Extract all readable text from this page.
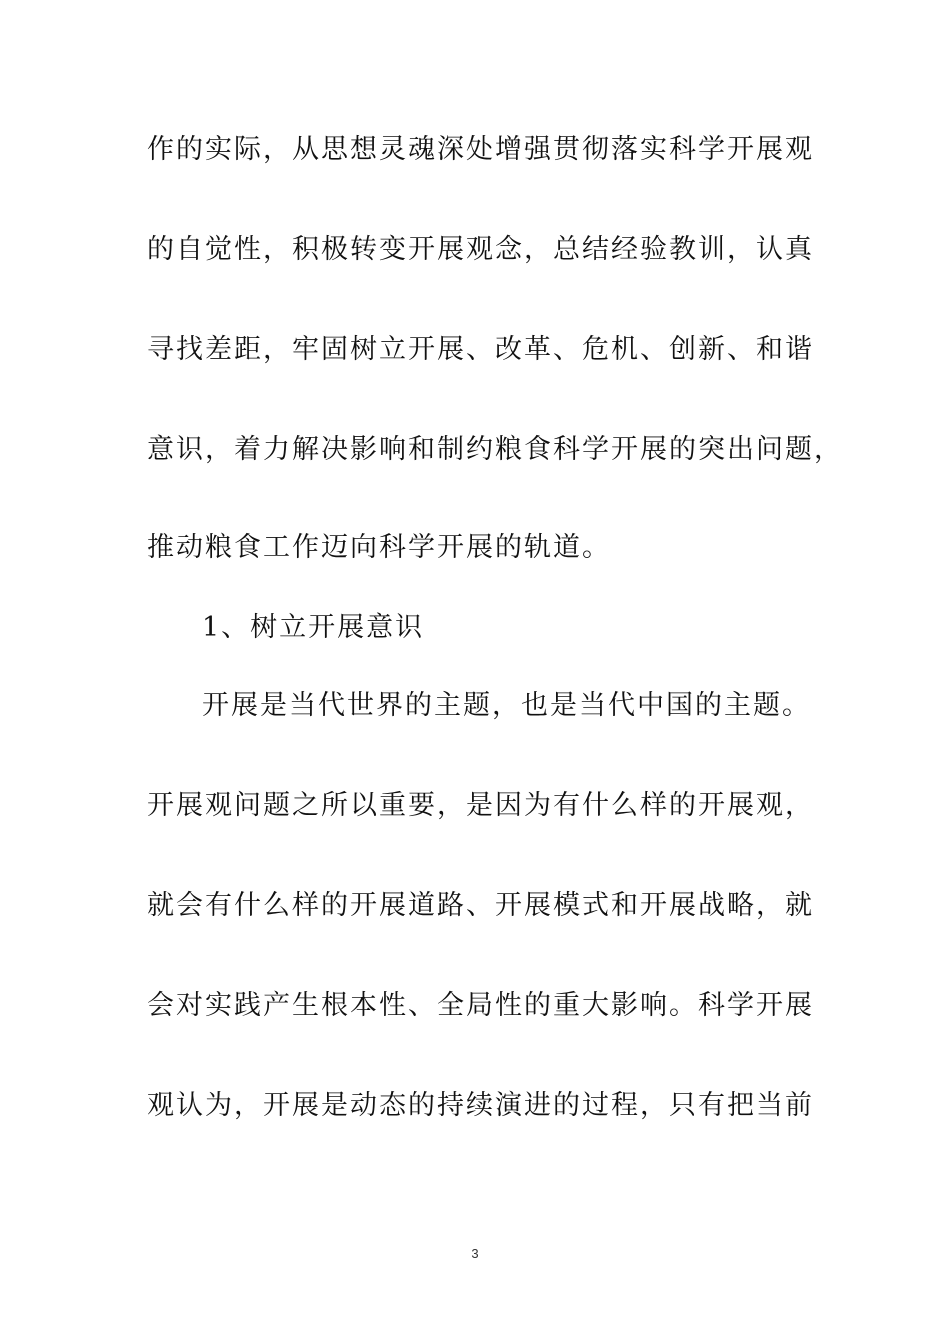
作的实际，从思想灵魂深处增强贯彻落实科学开展观
的自觉性，积极转变开展观念，总结经验教训，认真
寻找差距，牢固树立开展、改革、危机、创新、和谐
意识，着力解决影响和制约粮食科学开展的突出问题，
推动粮食工作迈向科学开展的轨道。
1、树立开展意识
开展是当代世界的主题，也是当代中国的主题。
开展观问题之所以重要，是因为有什么样的开展观，
就会有什么样的开展道路、开展模式和开展战略，就
会对实践产生根本性、全局性的重大影响。科学开展
观认为，开展是动态的持续演进的过程，只有把当前
3
